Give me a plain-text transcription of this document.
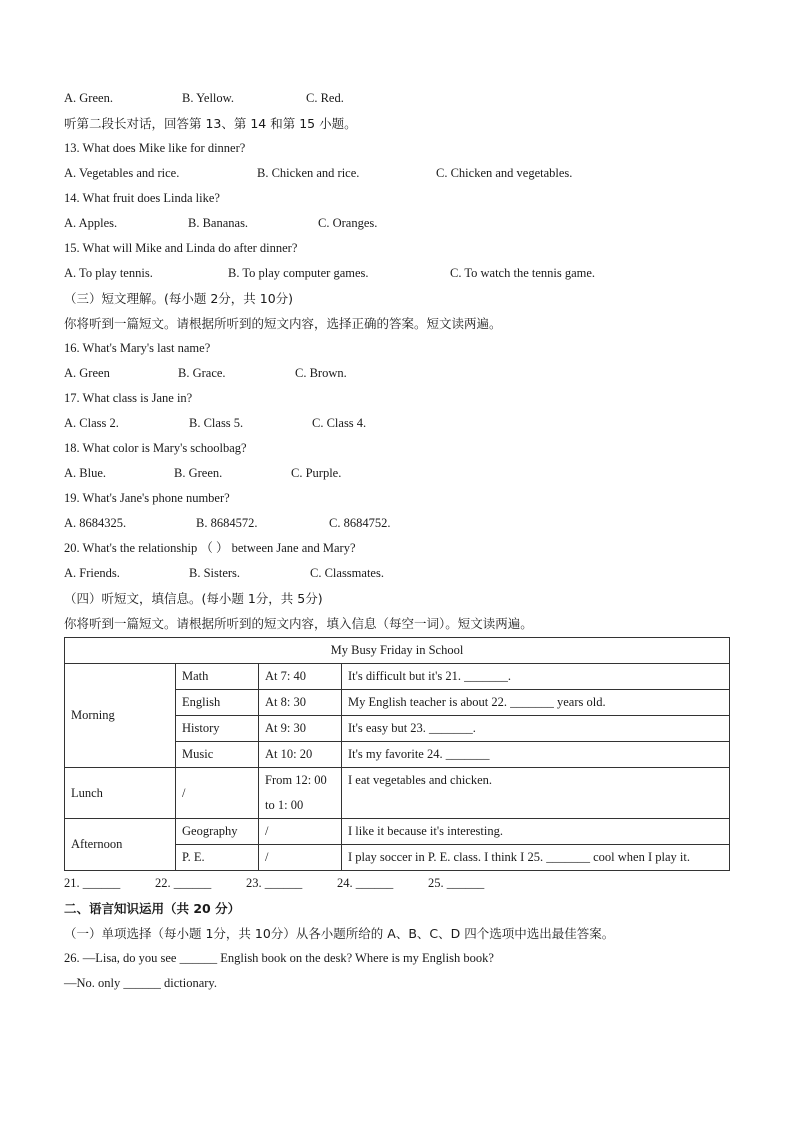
A. Green.	B. Yellow.	C. Red.
听第二段长对话，回答第 13、第 14 和第 15 小题。
13. What does Mike like for dinner?
A. Vegetables and rice.	B. Chicken and rice.	C. Chicken and vegetables.
14. What fruit does Linda like?
A. Apples.	B. Bananas.	C. Oranges.
15. What will Mike and Linda do after dinner?
A. To play tennis.	B. To play computer games.	C. To watch the tennis game.
（三）短文理解。(每小题 2分，共 10分)
你将听到一篇短文。请根据所听到的短文内容，选择正确的答案。短文读两遍。
16. What's Mary's last name?
A. Green	B. Grace.	C. Brown.
17. What class is Jane in?
A. Class 2.	B. Class 5.	C. Class 4.
18. What color is Mary's schoolbag?
A. Blue.	B. Green.	C. Purple.
19. What's Jane's phone number?
A. 8684325.	B. 8684572.	C. 8684752.
20. What's the relationship （ ） between Jane and Mary?
A. Friends.	B. Sisters.	C. Classmates.
（四）听短文，填信息。(每小题 1分，共 5分)
你将听到一篇短文。请根据所听到的短文内容，填入信息（每空一词）。短文读两遍。
My Busy Friday in School			
Morning	Math	At 7: 40	It's difficult but it's 21. _______.
	English	At 8: 30	My English teacher is about 22. _______ years old.
	History	At 9: 30	It's easy but 23. _______.
	Music	At 10: 20	It's my favorite 24. _______
Lunch	/	From 12: 00 to 1: 00	I eat vegetables and chicken.
Afternoon	Geography	/	I like it because it's interesting.
	P. E.	/	I play soccer in P. E. class. I think I 25. _______ cool when I play it.
21. ______	22. ______	23. ______	24. ______	25. ______
二、语言知识运用（共 20 分）
（一）单项选择（每小题 1分，共 10分）从各小题所给的 A、B、C、D 四个选项中选出最佳答案。
26. —Lisa, do you see ______ English book on the desk? Where is my English book?
—No. only ______ dictionary.
